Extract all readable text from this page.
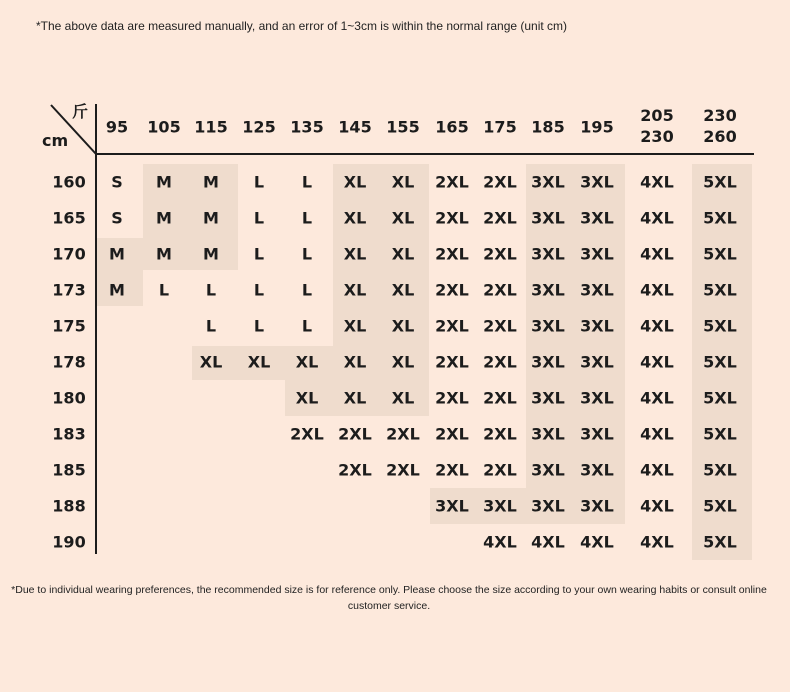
*The above data are measured manually, and an error of 1~3cm is within the normal range (unit cm)
斤
cm
95 105 115 125 135 145 155 165 175 185 195
205
230
230
260
160
165
170
173
175
178
180
183
185
188
190
S M M L L XL XL 2XL 2XL 3XL 3XL 4XL 5XL
S M M L L XL XL 2XL 2XL 3XL 3XL 4XL 5XL
M M M L L XL XL 2XL 2XL 3XL 3XL 4XL 5XL
M L L L L XL XL 2XL 2XL 3XL 3XL 4XL 5XL
L L L XL XL 2XL 2XL 3XL 3XL 4XL 5XL
XL XL XL XL XL 2XL 2XL 3XL 3XL 4XL 5XL
XL XL XL 2XL 2XL 3XL 3XL 4XL 5XL
2XL 2XL 2XL 2XL 2XL 3XL 3XL 4XL 5XL
2XL 2XL 2XL 2XL 3XL 3XL 4XL 5XL
3XL 3XL 3XL 3XL 4XL 5XL
4XL 4XL 4XL 4XL 5XL
*Due to individual wearing preferences, the recommended size is for reference only. Please choose the size according to your own wearing habits or consult online customer service.
